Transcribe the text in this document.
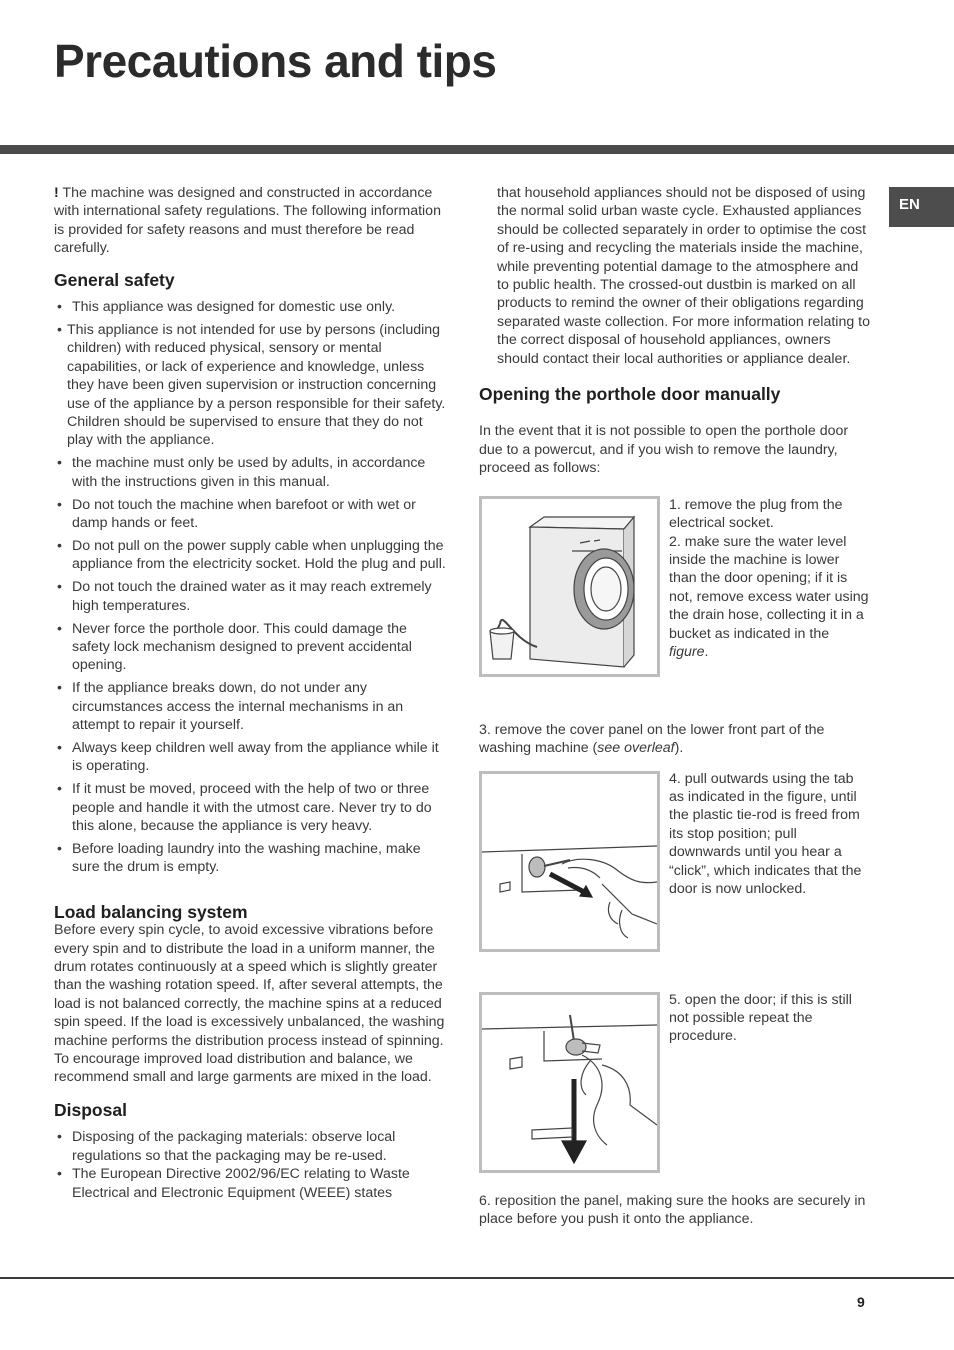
Precautions and tips
EN

! The machine was designed and constructed in accordance with international safety regulations. The following information is provided for safety reasons and must therefore be read carefully.

General safety
• This appliance was designed for domestic use only.
• This appliance is not intended for use by persons (including children) with reduced physical, sensory or mental capabilities, or lack of experience and knowledge, unless they have been given supervision or instruction concerning use of the appliance by a person responsible for their safety. Children should be supervised to ensure that they do not play with the appliance.
• the machine must only be used by adults, in accordance with the instructions given in this manual.
• Do not touch the machine when barefoot or with wet or damp hands or feet.
• Do not pull on the power supply cable when unplugging the appliance from the electricity socket. Hold the plug and pull.
• Do not touch the drained water as it may reach extremely high temperatures.
• Never force the porthole door. This could damage the safety lock mechanism designed to prevent accidental opening.
• If the appliance breaks down, do not under any circumstances access the internal mechanisms in an attempt to repair it yourself.
• Always keep children well away from the appliance while it is operating.
• If it must be moved, proceed with the help of two or three people and handle it with the utmost care. Never try to do this alone, because the appliance is very heavy.
• Before loading laundry into the washing machine, make sure the drum is empty.
Load balancing system

Before every spin cycle, to avoid excessive vibrations before every spin and to distribute the load in a uniform manner, the drum rotates continuously at a speed which is slightly greater than the washing rotation speed. If, after several attempts, the load is not balanced correctly, the machine spins at a reduced spin speed. If the load is excessively unbalanced, the washing machine performs the distribution process instead of spinning. To encourage improved load distribution and balance, we recommend small and large garments are mixed in the load.

Disposal
• Disposing of the packaging materials: observe local regulations so that the packaging may be re-used.
• The European Directive 2002/96/EC relating to Waste Electrical and Electronic Equipment (WEEE) states

that household appliances should not be disposed of using the normal solid urban waste cycle. Exhausted appliances should be collected separately in order to optimise the cost of re-using and recycling the materials inside the machine, while preventing potential damage to the atmosphere and to public health. The crossed-out dustbin is marked on all products to remind the owner of their obligations regarding separated waste collection. For more information relating to the correct disposal of household appliances, owners should contact their local authorities or appliance dealer.

Opening the porthole door manually

In the event that it is not possible to open the porthole door due to a powercut, and if you wish to remove the laundry, proceed as follows:

1. remove the plug from the electrical socket.
2. make sure the water level inside the machine is lower than the door opening; if it is not, remove excess water using the drain hose, collecting it in a bucket as indicated in the figure.

3. remove the cover panel on the lower front part of the washing machine (see overleaf).

4. pull outwards using the tab as indicated in the figure, until the plastic tie-rod is freed from its stop position; pull downwards until you hear a “click”, which indicates that the door is now unlocked.
5. open the door; if this is still not possible repeat the procedure.

6. reposition the panel, making sure the hooks are securely in place before you push it onto the appliance.

9
